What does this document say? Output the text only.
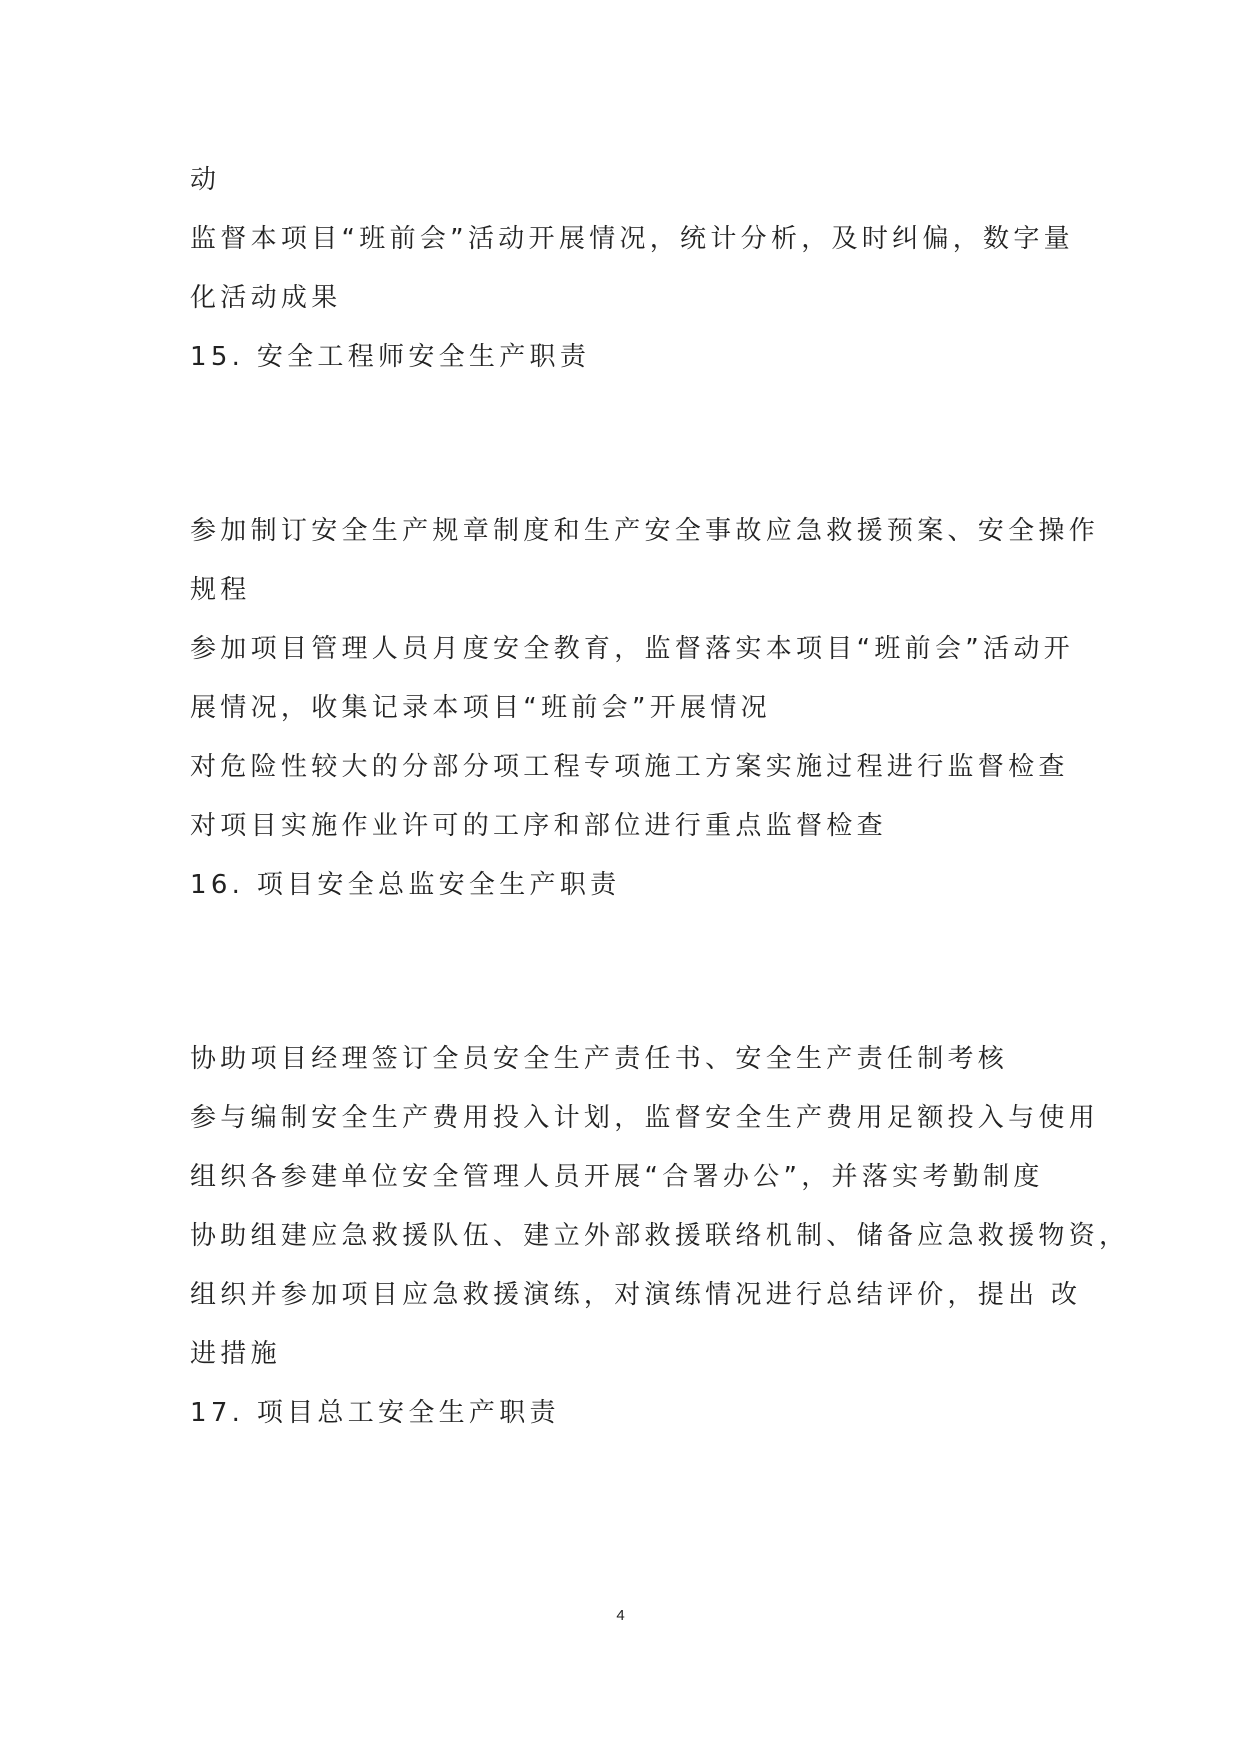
动
监督本项目“班前会”活动开展情况，统计分析，及时纠偏，数字量
化活动成果
15. 安全工程师安全生产职责
参加制订安全生产规章制度和生产安全事故应急救援预案、安全操作
规程
参加项目管理人员月度安全教育，监督落实本项目“班前会”活动开
展情况，收集记录本项目“班前会”开展情况
对危险性较大的分部分项工程专项施工方案实施过程进行监督检查
对项目实施作业许可的工序和部位进行重点监督检查
16. 项目安全总监安全生产职责
协助项目经理签订全员安全生产责任书、安全生产责任制考核
参与编制安全生产费用投入计划，监督安全生产费用足额投入与使用
组织各参建单位安全管理人员开展“合署办公”，并落实考勤制度
协助组建应急救援队伍、建立外部救援联络机制、储备应急救援物资，
组织并参加项目应急救援演练，对演练情况进行总结评价，提出 改
进措施
17. 项目总工安全生产职责
4
